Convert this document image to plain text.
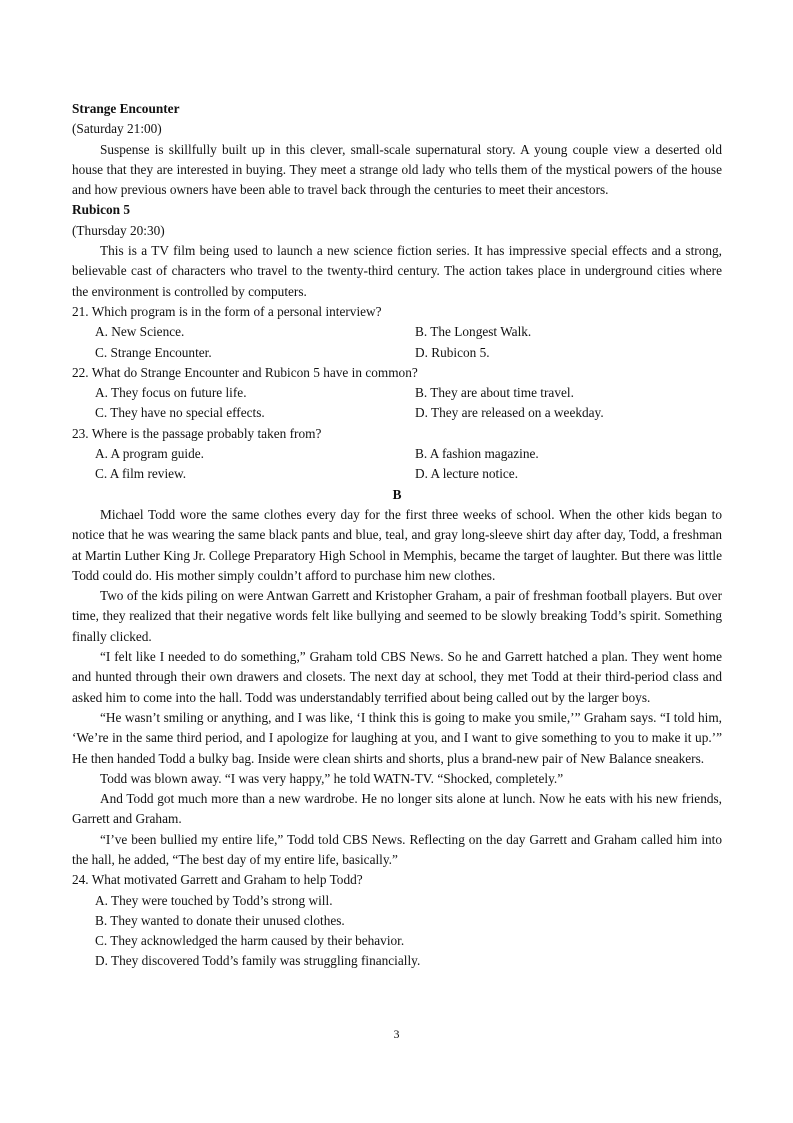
Strange Encounter
(Saturday 21:00)
Suspense is skillfully built up in this clever, small-scale supernatural story. A young couple view a deserted old house that they are interested in buying. They meet a strange old lady who tells them of the mystical powers of the house and how previous owners have been able to travel back through the centuries to meet their ancestors.
Rubicon 5
(Thursday 20:30)
This is a TV film being used to launch a new science fiction series. It has impressive special effects and a strong, believable cast of characters who travel to the twenty-third century. The action takes place in underground cities where the environment is controlled by computers.
21. Which program is in the form of a personal interview?
A. New Science.	B. The Longest Walk.
C. Strange Encounter.	D. Rubicon 5.
22. What do Strange Encounter and Rubicon 5 have in common?
A. They focus on future life.	B. They are about time travel.
C. They have no special effects.	D. They are released on a weekday.
23. Where is the passage probably taken from?
A. A program guide.	B. A fashion magazine.
C. A film review.	D. A lecture notice.
B
Michael Todd wore the same clothes every day for the first three weeks of school. When the other kids began to notice that he was wearing the same black pants and blue, teal, and gray long-sleeve shirt day after day, Todd, a freshman at Martin Luther King Jr. College Preparatory High School in Memphis, became the target of laughter. But there was little Todd could do. His mother simply couldn’t afford to purchase him new clothes.
Two of the kids piling on were Antwan Garrett and Kristopher Graham, a pair of freshman football players. But over time, they realized that their negative words felt like bullying and seemed to be slowly breaking Todd’s spirit. Something finally clicked.
“I felt like I needed to do something,” Graham told CBS News. So he and Garrett hatched a plan. They went home and hunted through their own drawers and closets. The next day at school, they met Todd at their third-period class and asked him to come into the hall. Todd was understandably terrified about being called out by the larger boys.
“He wasn’t smiling or anything, and I was like, ‘I think this is going to make you smile,’” Graham says. “I told him, ‘We’re in the same third period, and I apologize for laughing at you, and I want to give something to you to make it up.’” He then handed Todd a bulky bag. Inside were clean shirts and shorts, plus a brand-new pair of New Balance sneakers.
Todd was blown away. “I was very happy,” he told WATN-TV. “Shocked, completely.”
And Todd got much more than a new wardrobe. He no longer sits alone at lunch. Now he eats with his new friends, Garrett and Graham.
“I’ve been bullied my entire life,” Todd told CBS News. Reflecting on the day Garrett and Graham called him into the hall, he added, “The best day of my entire life, basically.”
24. What motivated Garrett and Graham to help Todd?
A. They were touched by Todd’s strong will.
B. They wanted to donate their unused clothes.
C. They acknowledged the harm caused by their behavior.
D. They discovered Todd’s family was struggling financially.
3
